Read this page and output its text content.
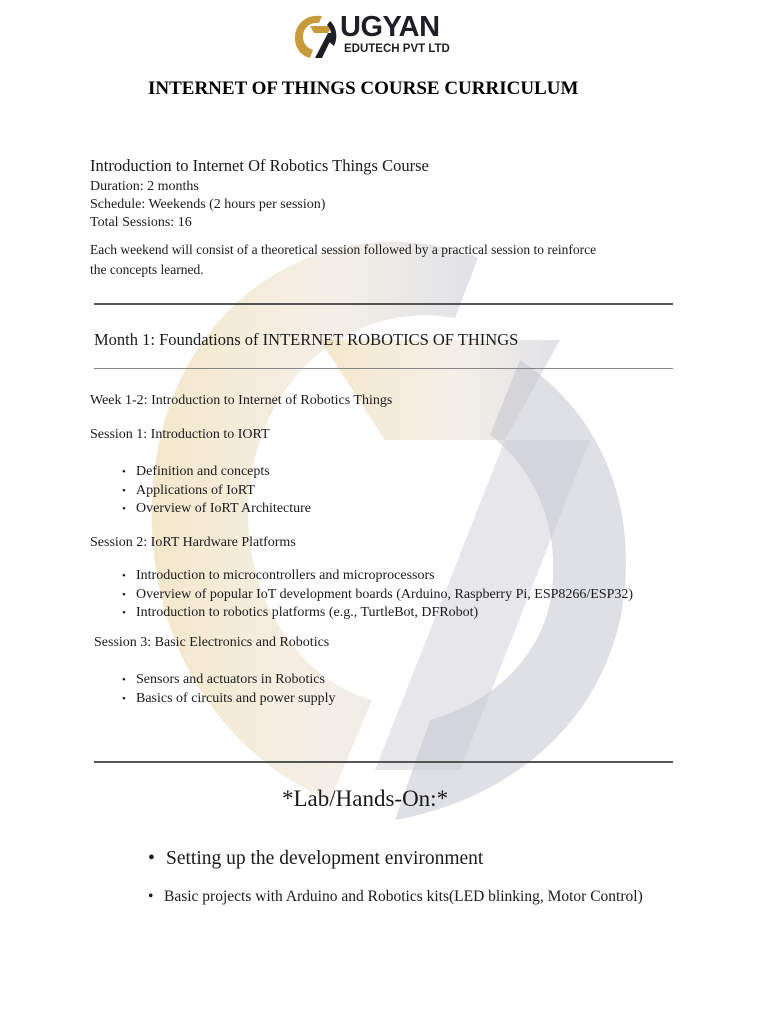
UGYAN
EDUTECH PVT LTD
INTERNET OF THINGS COURSE CURRICULUM
Introduction to Internet Of Robotics Things Course
Duration: 2 months
Schedule: Weekends (2 hours per session)
Total Sessions: 16
Each weekend will consist of a theoretical session followed by a practical session to reinforce
the concepts learned.
Month 1: Foundations of INTERNET ROBOTICS OF THINGS
Week 1-2: Introduction to Internet of Robotics Things
Session 1: Introduction to IORT
• Definition and concepts
• Applications of IoRT
• Overview of IoRT Architecture
Session 2: IoRT Hardware Platforms
• Introduction to microcontrollers and microprocessors
• Overview of popular IoT development boards (Arduino, Raspberry Pi, ESP8266/ESP32)
• Introduction to robotics platforms (e.g., TurtleBot, DFRobot)
Session 3: Basic Electronics and Robotics
• Sensors and actuators in Robotics
• Basics of circuits and power supply
*Lab/Hands-On:*
• Setting up the development environment
• Basic projects with Arduino and Robotics kits(LED blinking, Motor Control)
